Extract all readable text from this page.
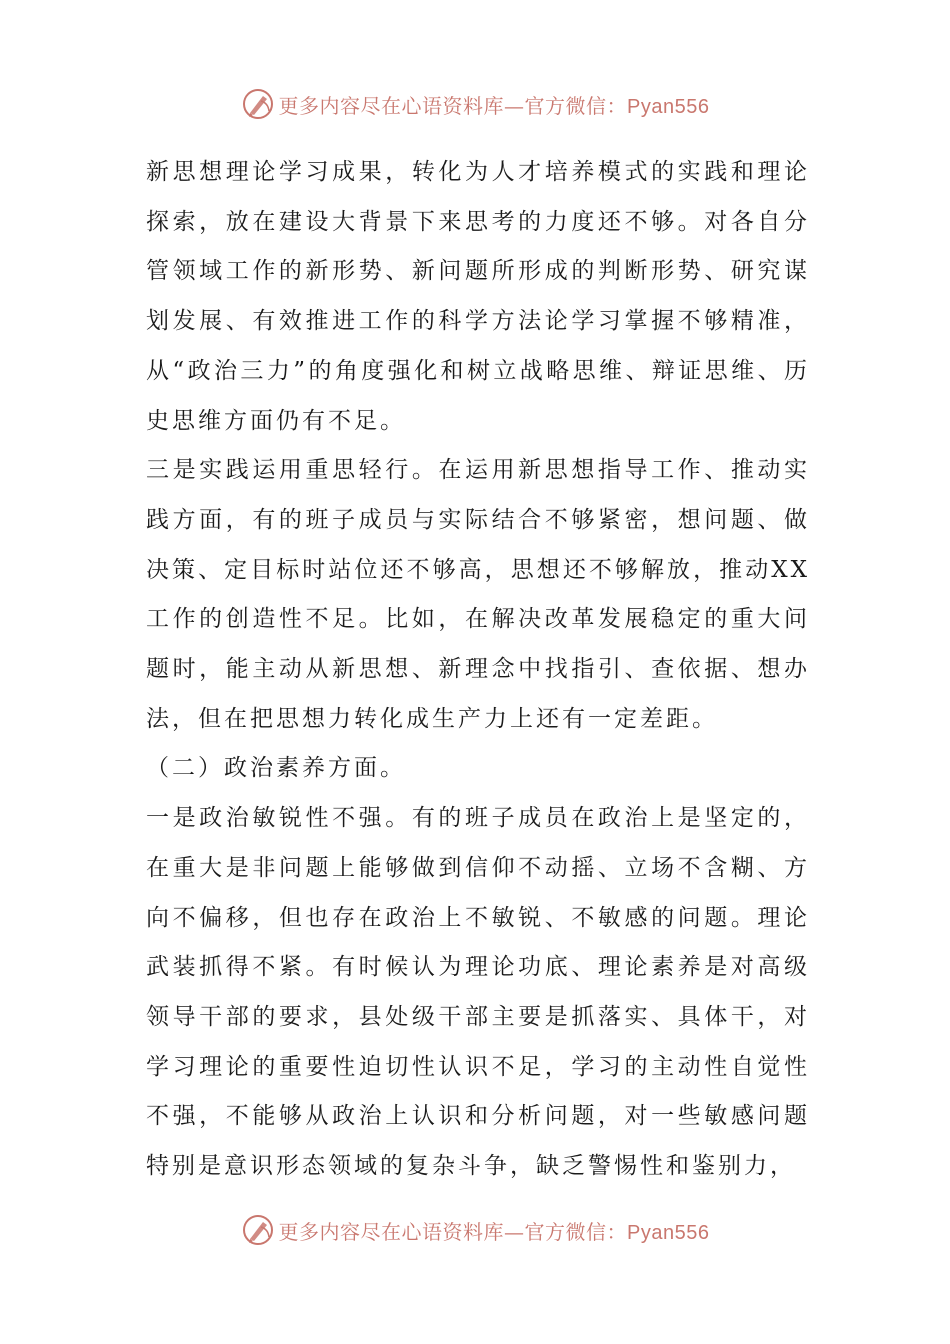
更多内容尽在心语资料库—官方微信：Pyan556

新思想理论学习成果，转化为人才培养模式的实践和理论探索，放在建设大背景下来思考的力度还不够。对各自分管领域工作的新形势、新问题所形成的判断形势、研究谋划发展、有效推进工作的科学方法论学习掌握不够精准，从“政治三力”的角度强化和树立战略思维、辩证思维、历史思维方面仍有不足。

三是实践运用重思轻行。在运用新思想指导工作、推动实践方面，有的班子成员与实际结合不够紧密，想问题、做决策、定目标时站位还不够高，思想还不够解放，推动XX工作的创造性不足。比如，在解决改革发展稳定的重大问题时，能主动从新思想、新理念中找指引、查依据、想办法，但在把思想力转化成生产力上还有一定差距。

（二）政治素养方面。

一是政治敏锐性不强。有的班子成员在政治上是坚定的，在重大是非问题上能够做到信仰不动摇、立场不含糊、方向不偏移，但也存在政治上不敏锐、不敏感的问题。理论武装抓得不紧。有时候认为理论功底、理论素养是对高级领导干部的要求，县处级干部主要是抓落实、具体干，对学习理论的重要性迫切性认识不足，学习的主动性自觉性不强，不能够从政治上认识和分析问题，对一些敏感问题特别是意识形态领域的复杂斗争，缺乏警惕性和鉴别力，

更多内容尽在心语资料库—官方微信：Pyan556
